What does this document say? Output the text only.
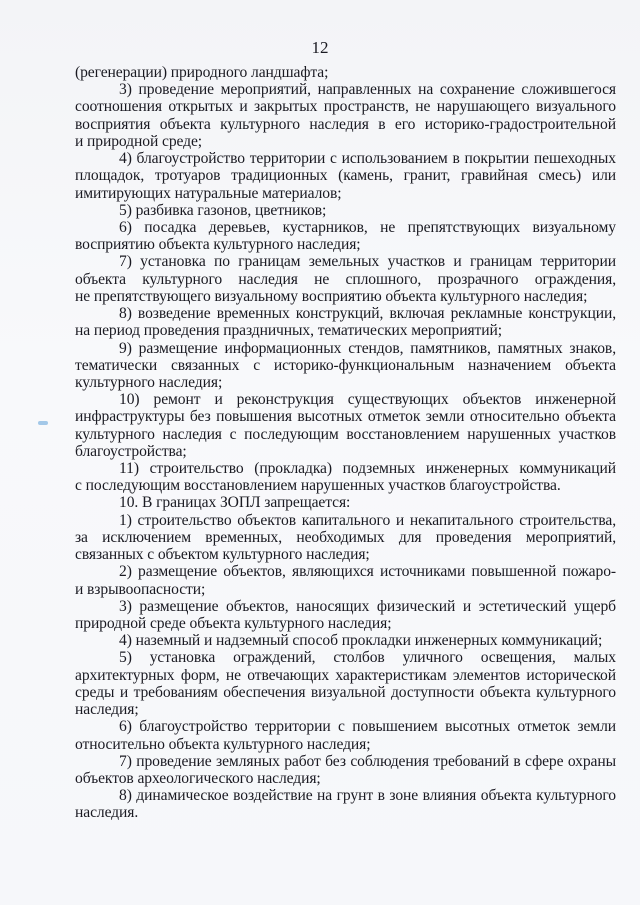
12
(регенерации) природного ландшафта;
3) проведение мероприятий, направленных на сохранение сложившегося
соотношения открытых и закрытых пространств, не нарушающего визуального
восприятия объекта культурного наследия в его историко-градостроительной
и природной среде;
4) благоустройство территории с использованием в покрытии пешеходных
площадок, тротуаров традиционных (камень, гранит, гравийная смесь) или
имитирующих натуральные материалов;
5) разбивка газонов, цветников;
6) посадка деревьев, кустарников, не препятствующих визуальному
восприятию объекта культурного наследия;
7) установка по границам земельных участков и границам территории
объекта культурного наследия не сплошного, прозрачного ограждения,
не препятствующего визуальному восприятию объекта культурного наследия;
8) возведение временных конструкций, включая рекламные конструкции,
на период проведения праздничных, тематических мероприятий;
9) размещение информационных стендов, памятников, памятных знаков,
тематически связанных с историко-функциональным назначением объекта
культурного наследия;
10) ремонт и реконструкция существующих объектов инженерной
инфраструктуры без повышения высотных отметок земли относительно объекта
культурного наследия с последующим восстановлением нарушенных участков
благоустройства;
11) строительство (прокладка) подземных инженерных коммуникаций
с последующим восстановлением нарушенных участков благоустройства.
10. В границах ЗОПЛ запрещается:
1) строительство объектов капитального и некапитального строительства,
за исключением временных, необходимых для проведения мероприятий,
связанных с объектом культурного наследия;
2) размещение объектов, являющихся источниками повышенной пожаро-
и взрывоопасности;
3) размещение объектов, наносящих физический и эстетический ущерб
природной среде объекта культурного наследия;
4) наземный и надземный способ прокладки инженерных коммуникаций;
5) установка ограждений, столбов уличного освещения, малых
архитектурных форм, не отвечающих характеристикам элементов исторической
среды и требованиям обеспечения визуальной доступности объекта культурного
наследия;
6) благоустройство территории с повышением высотных отметок земли
относительно объекта культурного наследия;
7) проведение земляных работ без соблюдения требований в сфере охраны
объектов археологического наследия;
8) динамическое воздействие на грунт в зоне влияния объекта культурного
наследия.
